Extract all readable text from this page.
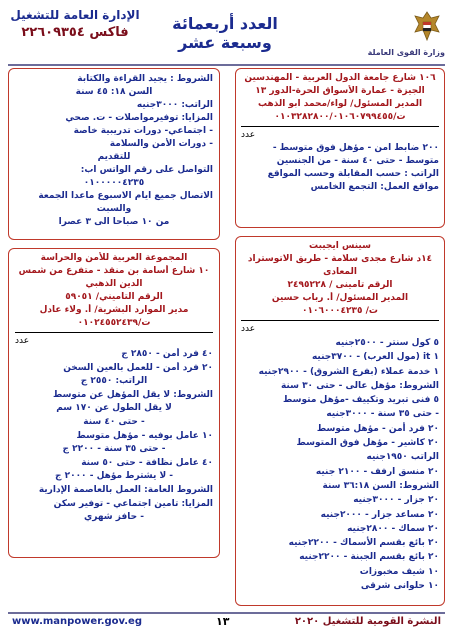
وزارة القوى العاملة
العدد أربعمائة وسبعة عشر
الإدارة العامة للتشغيل
فاكس ٢٢٦٠٩٣٥٤
١٠٦ شارع جامعة الدول العربية - المهندسين
الجيزة - عمارة الأسواق الحرة-الدور ١٣
المدير المسئول/ لواء/محمد ابو الذهب
ت/٠١٠٣٢٨٢٨٠٠/٠١٠٦٠٧٩٩٤٥٥
عدد
٢٠٠ ضابط امن - مؤهل فوق متوسط -
متوسط - حتى ٤٠ سنة - من الجنسين
الراتب : حسب المقابلة وحسب المواقع
مواقع العمل: التجمع الخامس
سينس ايجيبت
١٤د شارع مجدى سلامة - طريق الاتوستراد
المعادى
الرقم تامينى / ٢٤٩٥٢٢٨
المدير المسئول/ أ. رباب حسين
ت/ ٠١٠٦٠٠٠٤٢٣٥
عدد
٥ كول سنتر - ٢٥٠٠جنيه
١ it (مول العرب) - ٣٧٠٠جنيه
١ خدمة عملاء (بفرع الشروق) - ٢٩٠٠جنيه
الشروط: مؤهل عالى - حتى ٣٠ سنة
٥ فنى تبريد وتكييف -مؤهل متوسط
- حتى ٣٥ سنة - ٣٠٠٠جنيه
٢٠ فرد أمن - مؤهل متوسط
٢٠ كاشير - مؤهل فوق المتوسط
الراتب ١٩٥٠جنيه
٢٠ منسق ارفف - ٢١٠٠ جنيه
الشروط: السن ٣٦:١٨ سنة
٢٠ جزار - ٣٠٠٠جنيه
٢٠ مساعد جزار - ٢٠٠٠جنيه
٢٠ سماك - ٢٨٠٠جنيه
٢٠ بائع بقسم الأسماك - ٢٢٠٠جنيه
٢٠ بائع بقسم الجبنة - ٢٢٠٠جنيه
١٠ شيف مخبوزات
١٠ حلوانى شرقى
الشروط : يجيد القراءة والكتابة
السن ١٨: ٤٥ سنة
الراتب: ٣٠٠٠جنيه
المزايا: توفيرمواصلات - ت. صحي
- اجتماعي- دورات تدريبية خاصة
- دورات الأمن والسلامة
للتقديم
التواصل على رقم الواتس اب:
٠١٠٠٠٠٠٤٢٣٥
الاتصال جميع ايام الاسبوع ماعدا الجمعة
والسبت
من ١٠ صباحا الى ٣ عصرا
المجموعة العربية للأمن والحراسة
١٠ شارع أسامة بن منقذ - متفرع من شمس
الدين الذهبي
الرقم التاميني/ ٥٩٠٥١
مدير الموارد البشرية/ أ. ولاء عادل
ت/٠١٠٢٤٥٥٢٤٣٩
عدد
٤٠ فرد أمن - ٢٨٥٠ ج
٢٠ فرد أمن - للعمل بالعين السخن
الراتب: ٢٥٥٠ ج
الشروط: لا يقل المؤهل عن متوسط
لا يقل الطول عن ١٧٠ سم
- حتى ٤٠ سنة
١٠ عامل بوفيه - مؤهل متوسط
- حتى ٣٥ سنة - ٢٢٠٠ ج
٤٠ عامل نظافة - حتى ٥٠ سنة
- لا يشترط مؤهل - ٢٠٠٠ ج
الشروط العامة: العمل بالعاصمة الإدارية
المزايا: تامين اجتماعي - توفير سكن
- حافز شهري
www.manpower.gov.eg	١٣	النشرة القومية للتشغيل ٢٠٢٠
